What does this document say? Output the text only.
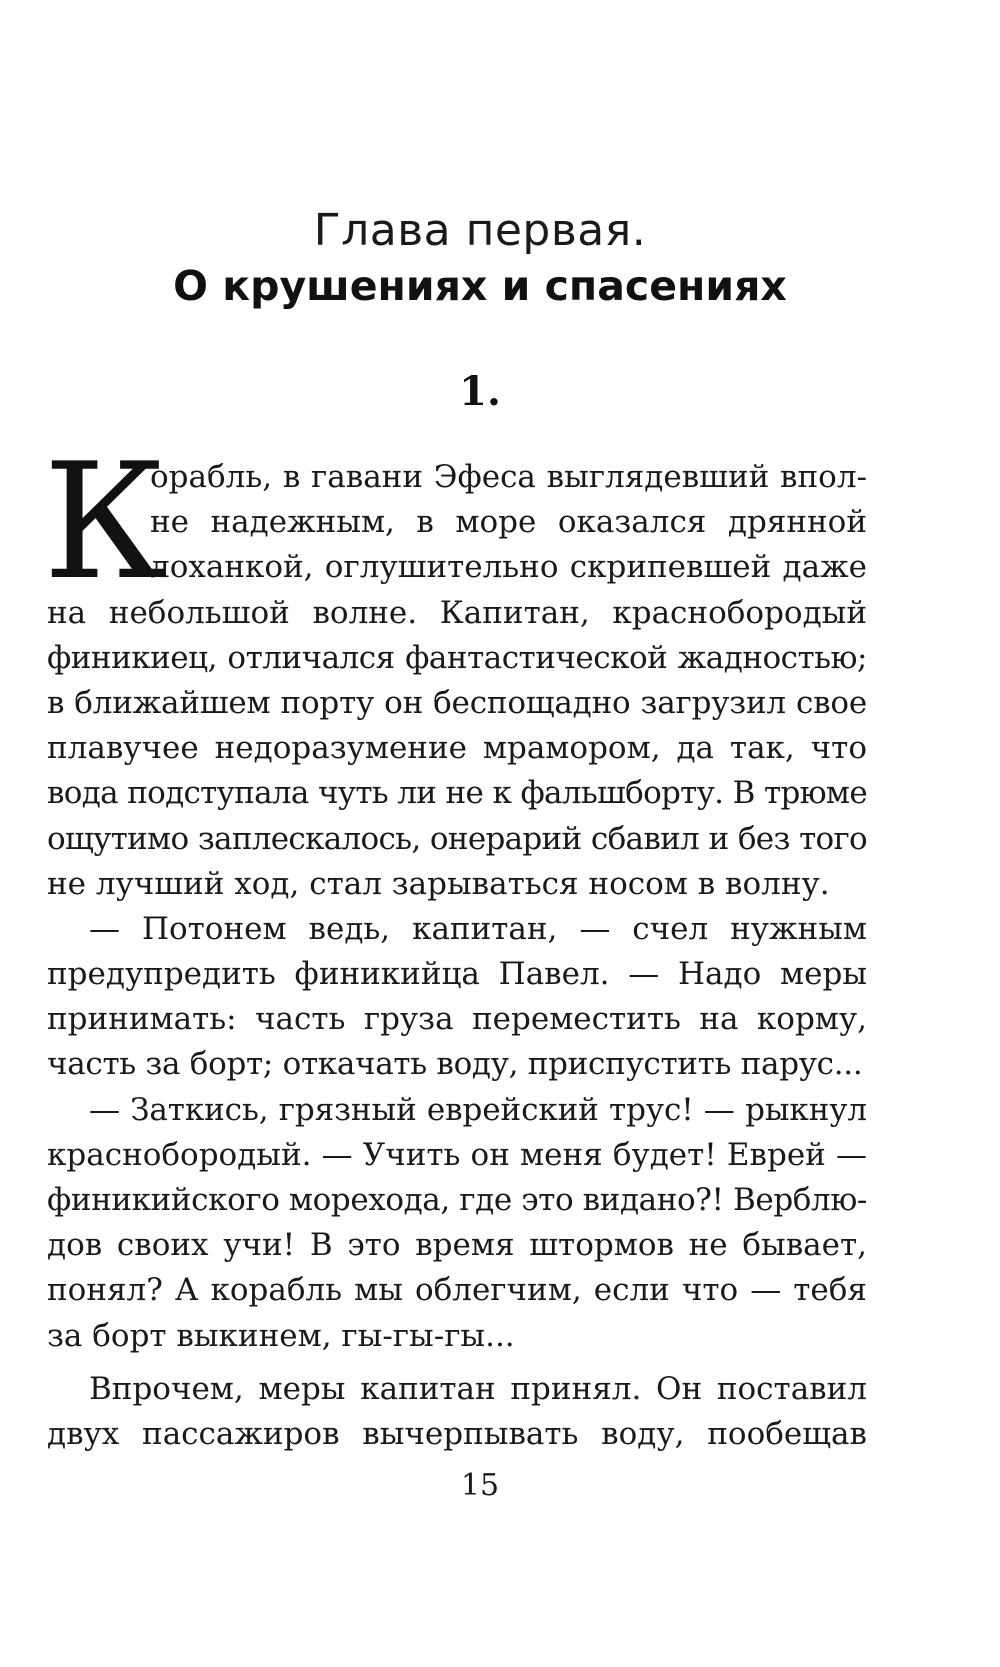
Глава первая.
О крушениях и спасениях
1.
К
орабль, в гавани Эфеса выглядевший впол-
не надежным, в море оказался дрянной
лоханкой, оглушительно скрипевшей даже
на небольшой волне. Капитан, краснобородый
финикиец, отличался фантастической жадностью;
в ближайшем порту он беспощадно загрузил свое
плавучее недоразумение мрамором, да так, что
вода подступала чуть ли не к фальшборту. В трюме
ощутимо заплескалось, онерарий сбавил и без того
не лучший ход, стал зарываться носом в волну.
— Потонем ведь, капитан, — счел нужным
предупредить финикийца Павел. — Надо меры
принимать: часть груза переместить на корму,
часть за борт; откачать воду, приспустить парус...
— Заткись, грязный еврейский трус! — рыкнул
краснобородый. — Учить он меня будет! Еврей —
финикийского морехода, где это видано?! Верблю-
дов своих учи! В это время штормов не бывает,
понял? А корабль мы облегчим, если что — тебя
за борт выкинем, гы-гы-гы...
Впрочем, меры капитан принял. Он поставил
двух пассажиров вычерпывать воду, пообещав
15
